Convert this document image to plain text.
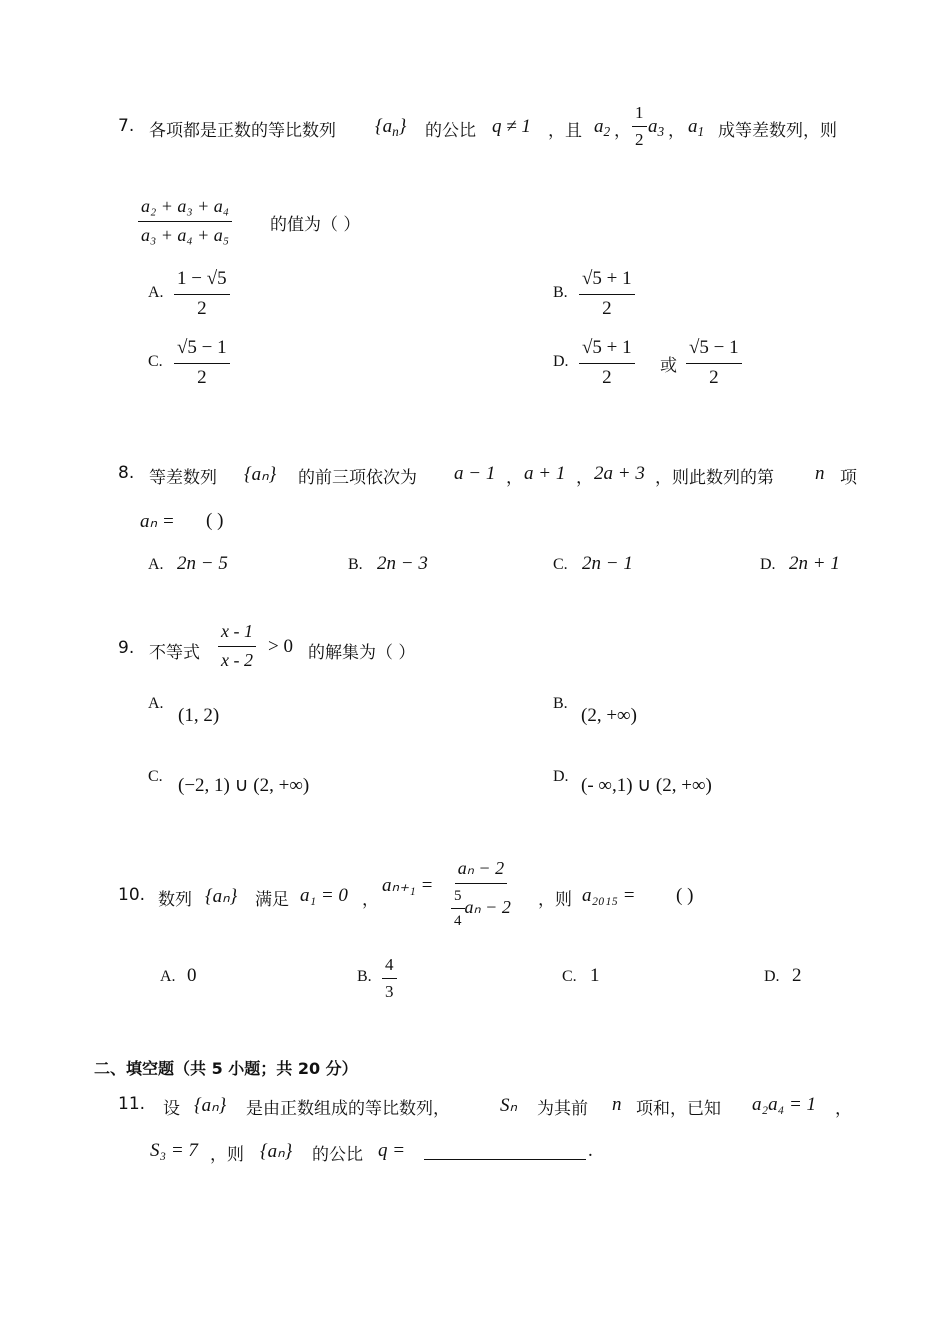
7. 各项都是正数的等比数列 $\{a_n\}$ 的公比 q ≠ 1 ，且 $a_2$ ， $\frac{1}{2} a_3$ ， $a_1$ 成等差数列，则
$\frac{\text{a₂ + a₃ + a₄}}{\text{a₃ + a₄ + a₅}}$ 的值为（ ）
A. $\frac{1 - √5}{2}$	B. $\frac{√5 + 1}{2}$
C. $\frac{√5 - 1}{2}$	D. $\frac{√5 + 1}{2}$ 或 $\frac{√5 - 1}{2}$
8. 等差数列 {aₙ} 的前三项依次为 a − 1 ， a + 1 ， 2a + 3 ，则此数列的第 n 项
aₙ = ( )
A. 2n − 5	B. 2n − 3	C. 2n − 1	D. 2n + 1
9. 不等式 $\frac{x - 1}{x - 2} > 0$ 的解集为（ ）
A.
(1, 2)
B.
(2, +∞)
C. (−2, 1) ∪ (2, +∞)	D. (- ∞,1) ∪ (2, +∞)
10. 数列 {aₙ} 满足 a₁ = 0 ，
$a_{n+1} = \frac{\text{aₙ − 2}}{\frac{5}{4} a_n - 2}$ ，则 a₂₀₁₅ = ( )
A. 0	B. $\frac{4}{3}$	C. 1	D. 2
二、填空题（共 5 小题；共 20 分）
11. 设 {aₙ} 是由正数组成的等比数列，	Sₙ 为其前 n 项和，已知 a₂a₄ = 1 ，
S₃ = 7 ，则 {aₙ} 的公比 q =	.
